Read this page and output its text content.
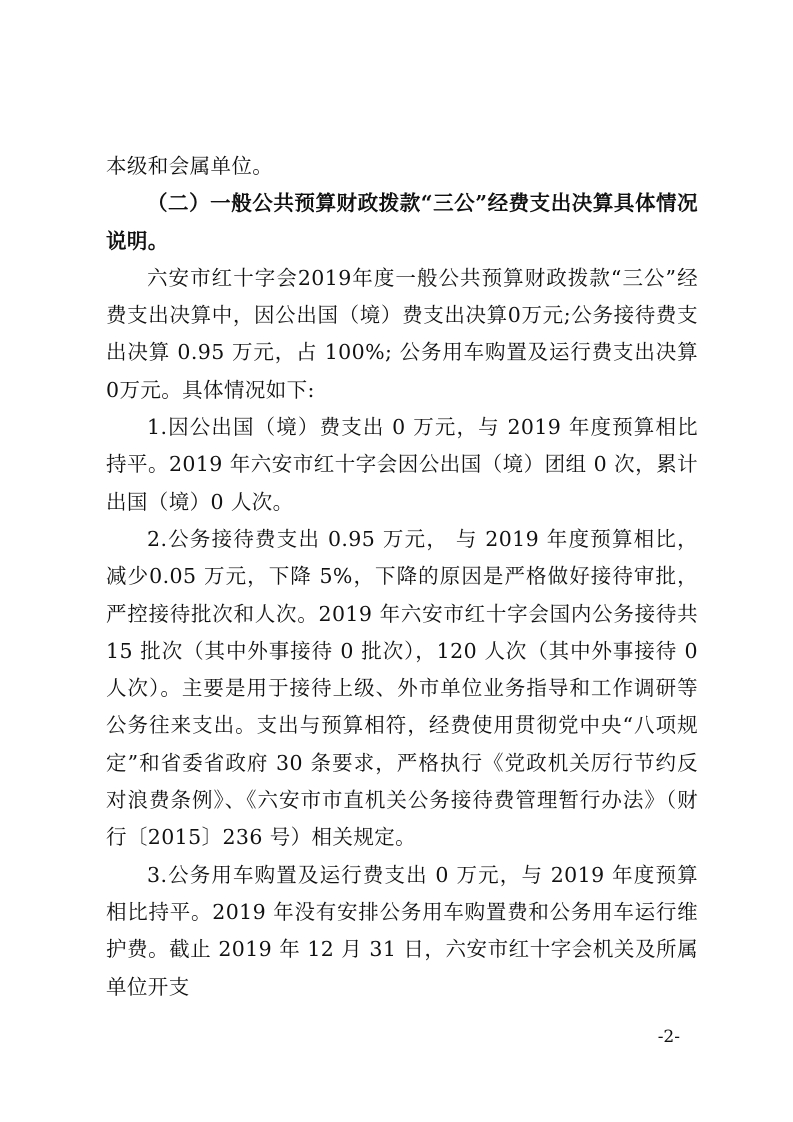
本级和会属单位。

（二）一般公共预算财政拨款“三公”经费支出决算具体情况说明。

六安市红十字会2019年度一般公共预算财政拨款“三公”经费支出决算中，因公出国（境）费支出决算0万元;公务接待费支出决算 0.95 万元，占 100%; 公务用车购置及运行费支出决算 0万元。具体情况如下:

1.因公出国（境）费支出 0 万元，与 2019 年度预算相比持平。2019 年六安市红十字会因公出国（境）团组 0 次，累计出国（境）0 人次。

2.公务接待费支出 0.95 万元， 与 2019 年度预算相比，减少0.05 万元，下降 5%，下降的原因是严格做好接待审批，严控接待批次和人次。2019 年六安市红十字会国内公务接待共 15 批次（其中外事接待 0 批次），120 人次（其中外事接待 0 人次）。主要是用于接待上级、外市单位业务指导和工作调研等公务往来支出。支出与预算相符，经费使用贯彻党中央“八项规定”和省委省政府 30 条要求，严格执行《党政机关厉行节约反对浪费条例》、《六安市市直机关公务接待费管理暂行办法》（财行〔2015〕236 号）相关规定。

3.公务用车购置及运行费支出 0 万元，与 2019 年度预算相比持平。2019 年没有安排公务用车购置费和公务用车运行维护费。截止 2019 年 12 月 31 日，六安市红十字会机关及所属单位开支

-2-
